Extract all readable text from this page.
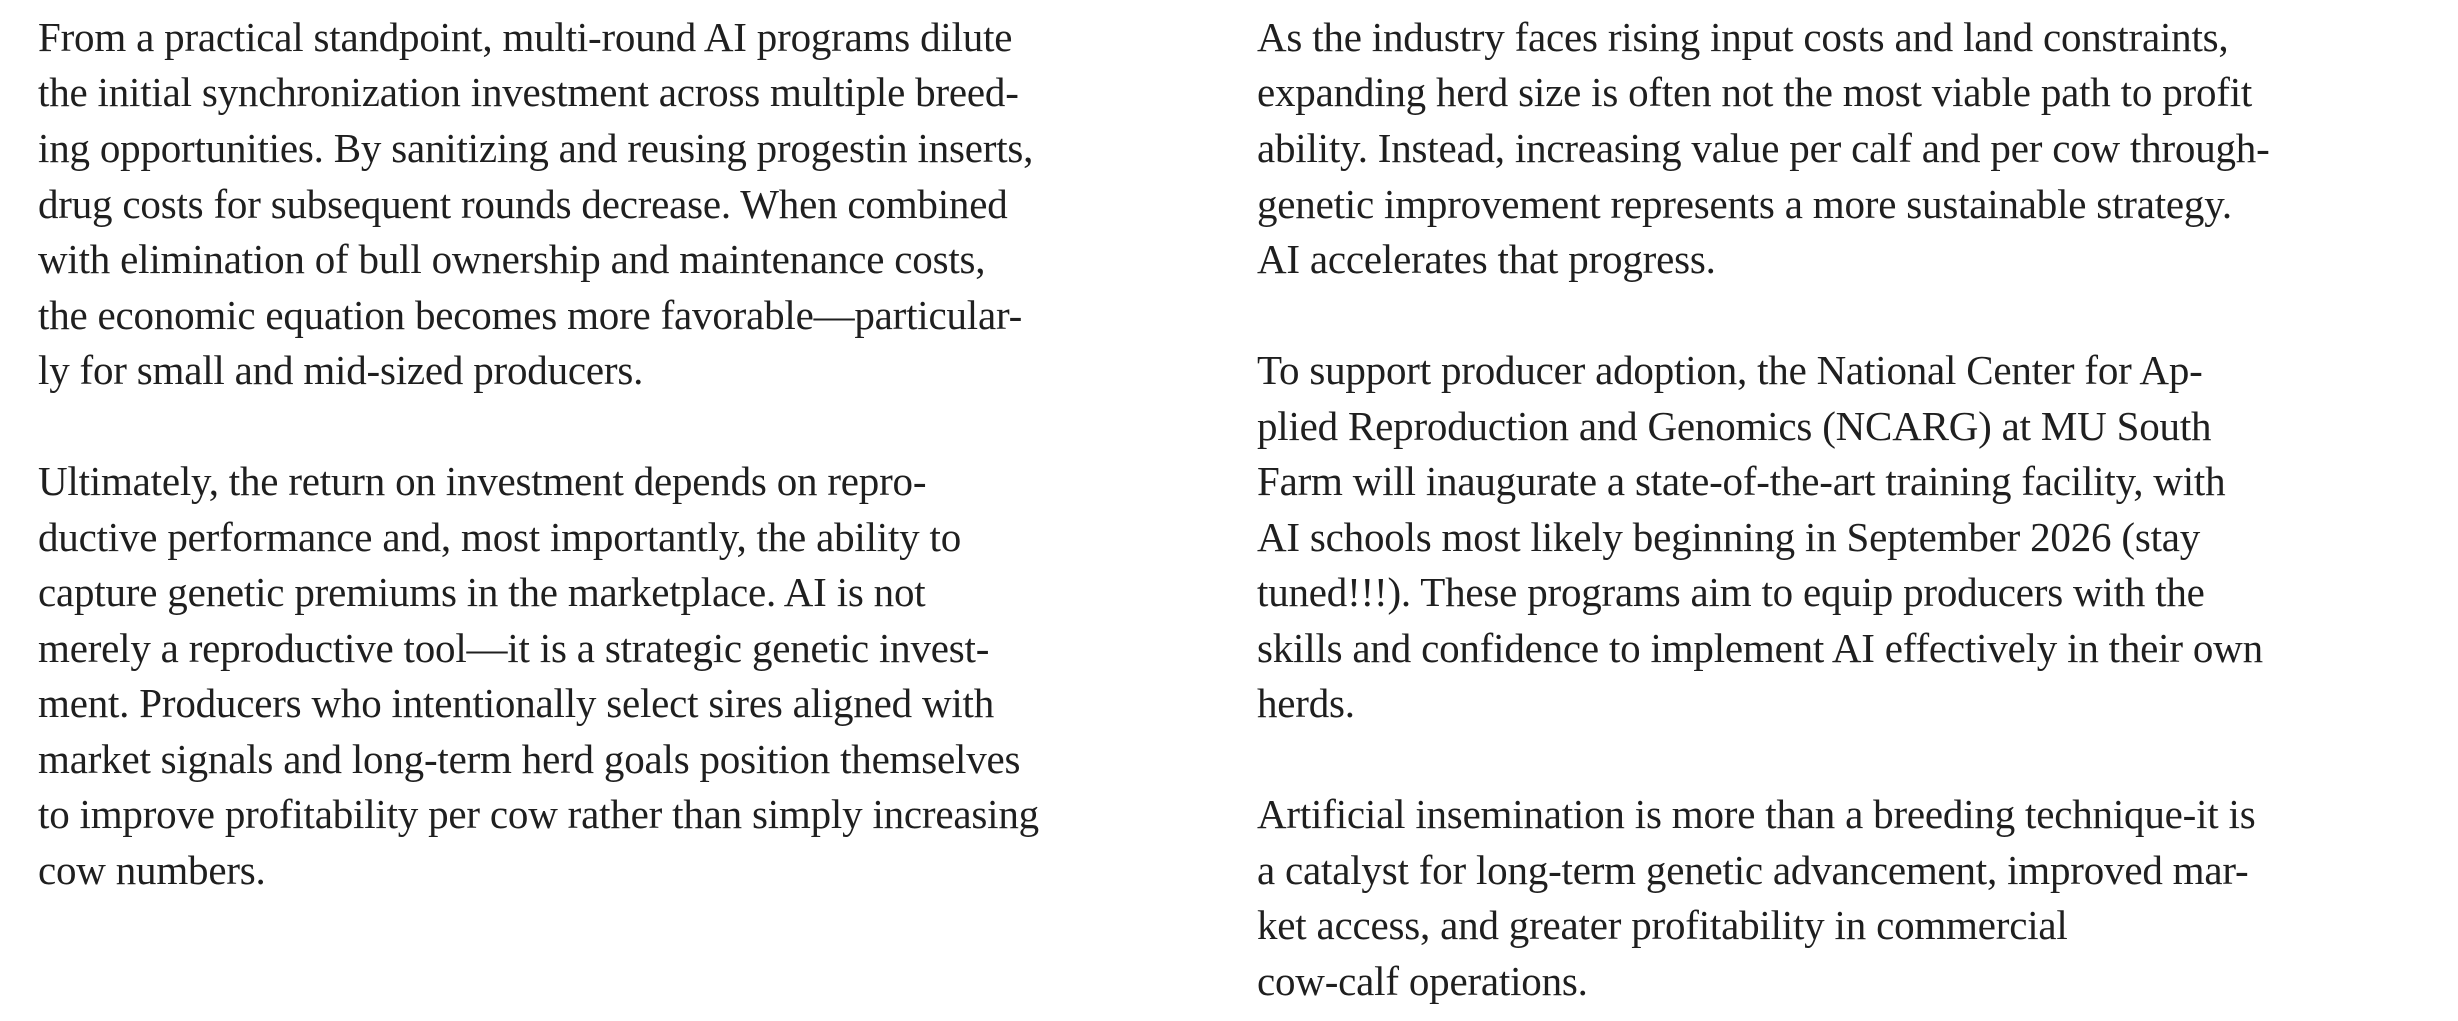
From a practical standpoint, multi-round AI programs dilute
the initial synchronization investment across multiple breed-
ing opportunities. By sanitizing and reusing progestin inserts,
drug costs for subsequent rounds decrease. When combined
with elimination of bull ownership and maintenance costs,
the economic equation becomes more favorable—particular-
ly for small and mid-sized producers.
Ultimately, the return on investment depends on repro-
ductive performance and, most importantly, the ability to
capture genetic premiums in the marketplace. AI is not
merely a reproductive tool—it is a strategic genetic invest-
ment. Producers who intentionally select sires aligned with
market signals and long-term herd goals position themselves
to improve profitability per cow rather than simply increasing
cow numbers.
As the industry faces rising input costs and land constraints,
expanding herd size is often not the most viable path to profit
ability. Instead, increasing value per calf and per cow through-
genetic improvement represents a more sustainable strategy.
AI accelerates that progress.
To support producer adoption, the National Center for Ap-
plied Reproduction and Genomics (NCARG) at MU South
Farm will inaugurate a state-of-the-art training facility, with
AI schools most likely beginning in September 2026 (stay
tuned!!!). These programs aim to equip producers with the
skills and confidence to implement AI effectively in their own
herds.
Artificial insemination is more than a breeding technique-it is
a catalyst for long-term genetic advancement, improved mar-
ket access, and greater profitability in commercial
cow-calf operations.
